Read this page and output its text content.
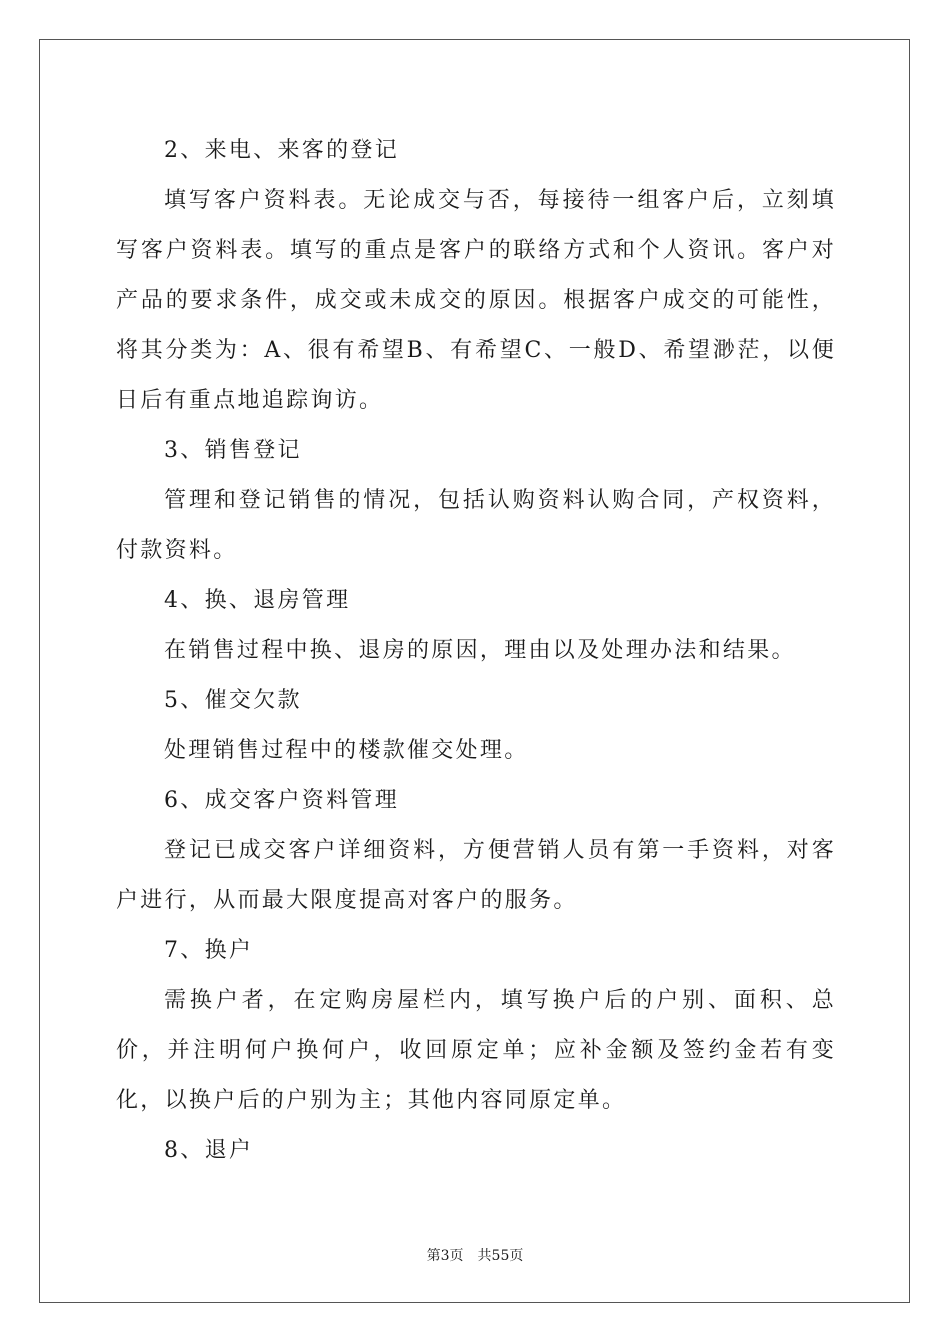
2、来电、来客的登记

填写客户资料表。无论成交与否，每接待一组客户后，立刻填写客户资料表。填写的重点是客户的联络方式和个人资讯。客户对产品的要求条件，成交或未成交的原因。根据客户成交的可能性，将其分类为：A、很有希望B、有希望C、一般D、希望渺茫，以便日后有重点地追踪询访。

3、销售登记

管理和登记销售的情况，包括认购资料认购合同，产权资料，付款资料。

4、换、退房管理

在销售过程中换、退房的原因，理由以及处理办法和结果。

5、催交欠款

处理销售过程中的楼款催交处理。

6、成交客户资料管理

登记已成交客户详细资料，方便营销人员有第一手资料，对客户进行，从而最大限度提高对客户的服务。

7、换户

需换户者，在定购房屋栏内，填写换户后的户别、面积、总价，并注明何户换何户，收回原定单；应补金额及签约金若有变化，以换户后的户别为主；其他内容同原定单。

8、退户

第3页 共55页
